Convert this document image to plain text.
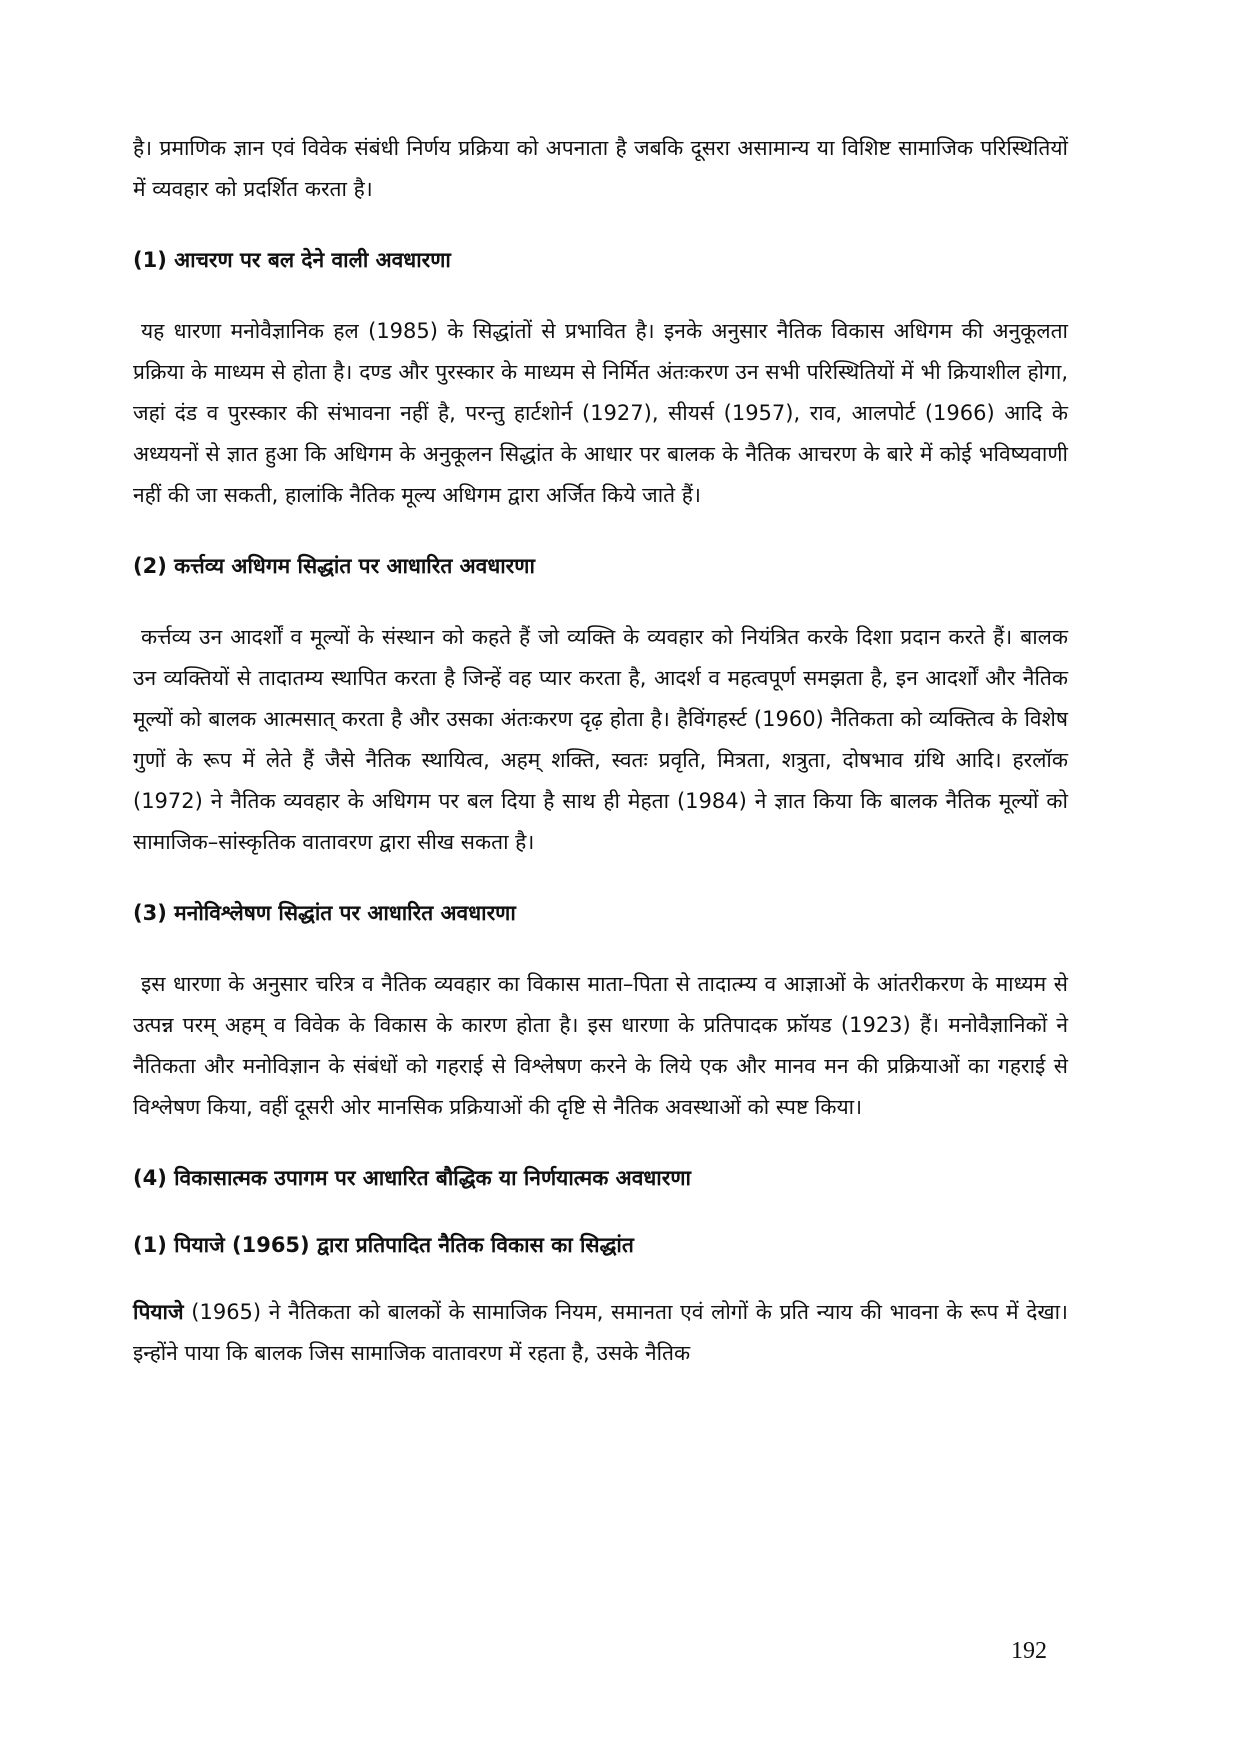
है। प्रमाणिक ज्ञान एवं विवेक संबंधी निर्णय प्रक्रिया को अपनाता है जबकि दूसरा असामान्य या विशिष्ट सामाजिक परिस्थितियों में व्यवहार को प्रदर्शित करता है।

(1) आचरण पर बल देने वाली अवधारणा

यह धारणा मनोवैज्ञानिक हल (1985) के सिद्धांतों से प्रभावित है। इनके अनुसार नैतिक विकास अधिगम की अनुकूलता प्रक्रिया के माध्यम से होता है। दण्ड और पुरस्कार के माध्यम से निर्मित अंतःकरण उन सभी परिस्थितियों में भी क्रियाशील होगा, जहां दंड व पुरस्कार की संभावना नहीं है, परन्तु हार्टशोर्न (1927), सीयर्स (1957), राव, आलपोर्ट (1966) आदि के अध्ययनों से ज्ञात हुआ कि अधिगम के अनुकूलन सिद्धांत के आधार पर बालक के नैतिक आचरण के बारे में कोई भविष्यवाणी नहीं की जा सकती, हालांकि नैतिक मूल्य अधिगम द्वारा अर्जित किये जाते हैं।

(2) कर्त्तव्य अधिगम सिद्धांत पर आधारित अवधारणा

कर्त्तव्य उन आदर्शों व मूल्यों के संस्थान को कहते हैं जो व्यक्ति के व्यवहार को नियंत्रित करके दिशा प्रदान करते हैं। बालक उन व्यक्तियों से तादातम्य स्थापित करता है जिन्हें वह प्यार करता है, आदर्श व महत्वपूर्ण समझता है, इन आदर्शों और नैतिक मूल्यों को बालक आत्मसात् करता है और उसका अंतःकरण दृढ़ होता है। हैविंगहर्स्ट (1960) नैतिकता को व्यक्तित्व के विशेष गुणों के रूप में लेते हैं जैसे नैतिक स्थायित्व, अहम् शक्ति, स्वतः प्रवृति, मित्रता, शत्रुता, दोषभाव ग्रंथि आदि। हरलॉक (1972) ने नैतिक व्यवहार के अधिगम पर बल दिया है साथ ही मेहता (1984) ने ज्ञात किया कि बालक नैतिक मूल्यों को सामाजिक–सांस्कृतिक वातावरण द्वारा सीख सकता है।

(3) मनोविश्लेषण सिद्धांत पर आधारित अवधारणा

इस धारणा के अनुसार चरित्र व नैतिक व्यवहार का विकास माता–पिता से तादात्म्य व आज्ञाओं के आंतरीकरण के माध्यम से उत्पन्न परम् अहम् व विवेक के विकास के कारण होता है। इस धारणा के प्रतिपादक फ्रॉयड (1923) हैं। मनोवैज्ञानिकों ने नैतिकता और मनोविज्ञान के संबंधों को गहराई से विश्लेषण करने के लिये एक और मानव मन की प्रक्रियाओं का गहराई से विश्लेषण किया, वहीं दूसरी ओर मानसिक प्रक्रियाओं की दृष्टि से नैतिक अवस्थाओं को स्पष्ट किया।

(4) विकासात्मक उपागम पर आधारित बौद्धिक या निर्णयात्मक अवधारणा
(1) पियाजे (1965) द्वारा प्रतिपादित नैतिक विकास का सिद्धांत

पियाजे (1965) ने नैतिकता को बालकों के सामाजिक नियम, समानता एवं लोगों के प्रति न्याय की भावना के रूप में देखा। इन्होंने पाया कि बालक जिस सामाजिक वातावरण में रहता है, उसके नैतिक

192
